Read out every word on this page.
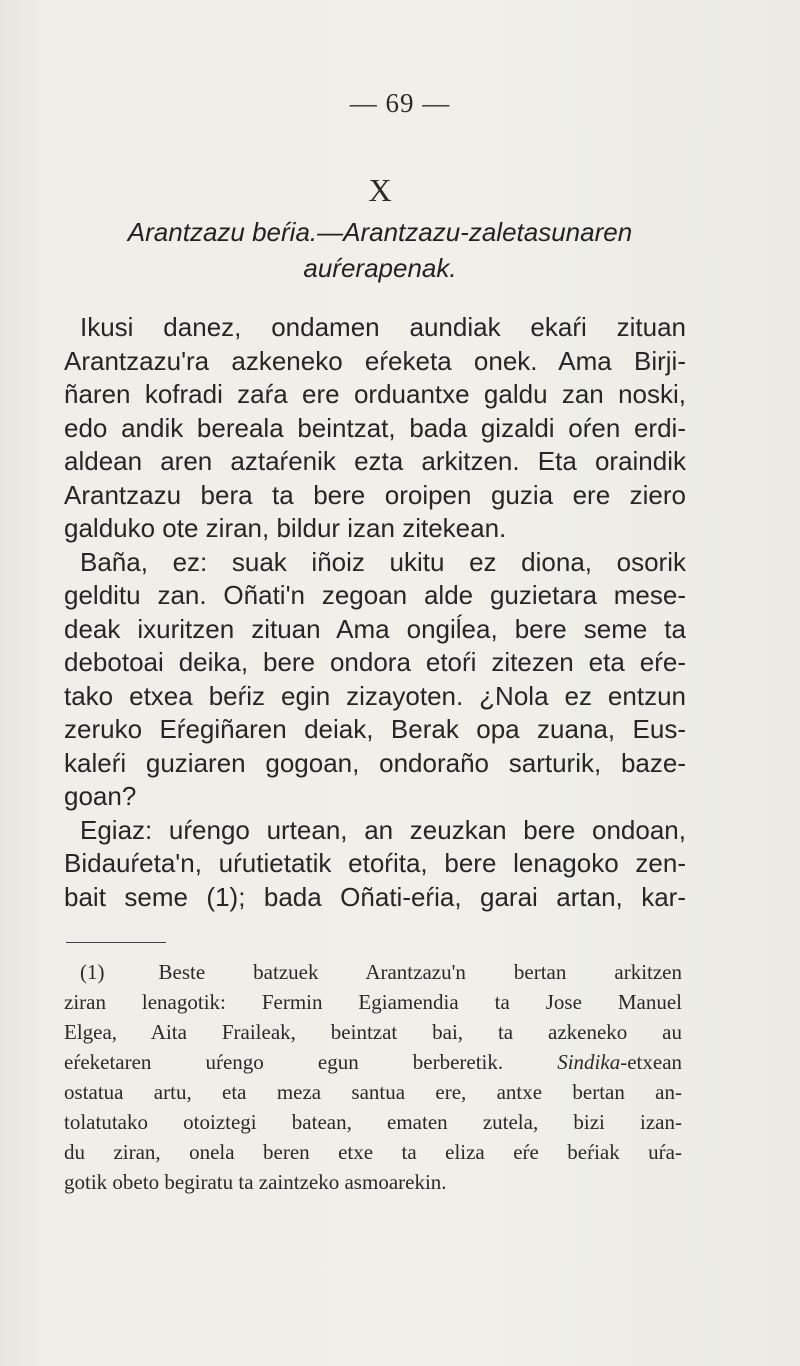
— 69 —
X
Arantzazu beŕia.—Arantzazu-zaletasunaren
auŕerapenak.

Ikusi danez, ondamen aundiak ekaŕi zituan
Arantzazu'ra azkeneko eŕeketa onek. Ama Birji-
ñaren kofradi zaŕa ere orduantxe galdu zan noski,
edo andik bereala beintzat, bada gizaldi oŕen erdi-
aldean aren aztaŕenik ezta arkitzen. Eta oraindik
Arantzazu bera ta bere oroipen guzia ere ziero
galduko ote ziran, bildur izan zitekean.

Baña, ez: suak iñoiz ukitu ez diona, osorik
gelditu zan. Oñati'n zegoan alde guzietara mese-
deak ixuritzen zituan Ama ongiĺea, bere seme ta
debotoai deika, bere ondora etoŕi zitezen eta eŕe-
tako etxea beŕiz egin zizayoten. ¿Nola ez entzun
zeruko Eŕegiñaren deiak, Berak opa zuana, Eus-
kaleŕi guziaren gogoan, ondoraño sarturik, baze-
goan?

Egiaz: uŕengo urtean, an zeuzkan bere ondoan,
Bidauŕeta'n, uŕutietatik etoŕita, bere lenagoko zen-
bait seme (1); bada Oñati-eŕia, garai artan, kar-

(1)	Beste batzuek Arantzazu'n bertan arkitzen
ziran lenagotik: Fermin Egiamendia ta Jose Manuel
Elgea, Aita Fraileak, beintzat bai, ta azkeneko au
eŕeketaren uŕengo egun berberetik.	Sindika-etxean
ostatua artu, eta meza santua ere, antxe bertan an-
tolatutako otoiztegi batean, ematen zutela, bizi izan-
du ziran, onela beren etxe ta eliza eŕe beŕiak uŕa-
gotik obeto begiratu ta zaintzeko asmoarekin.
